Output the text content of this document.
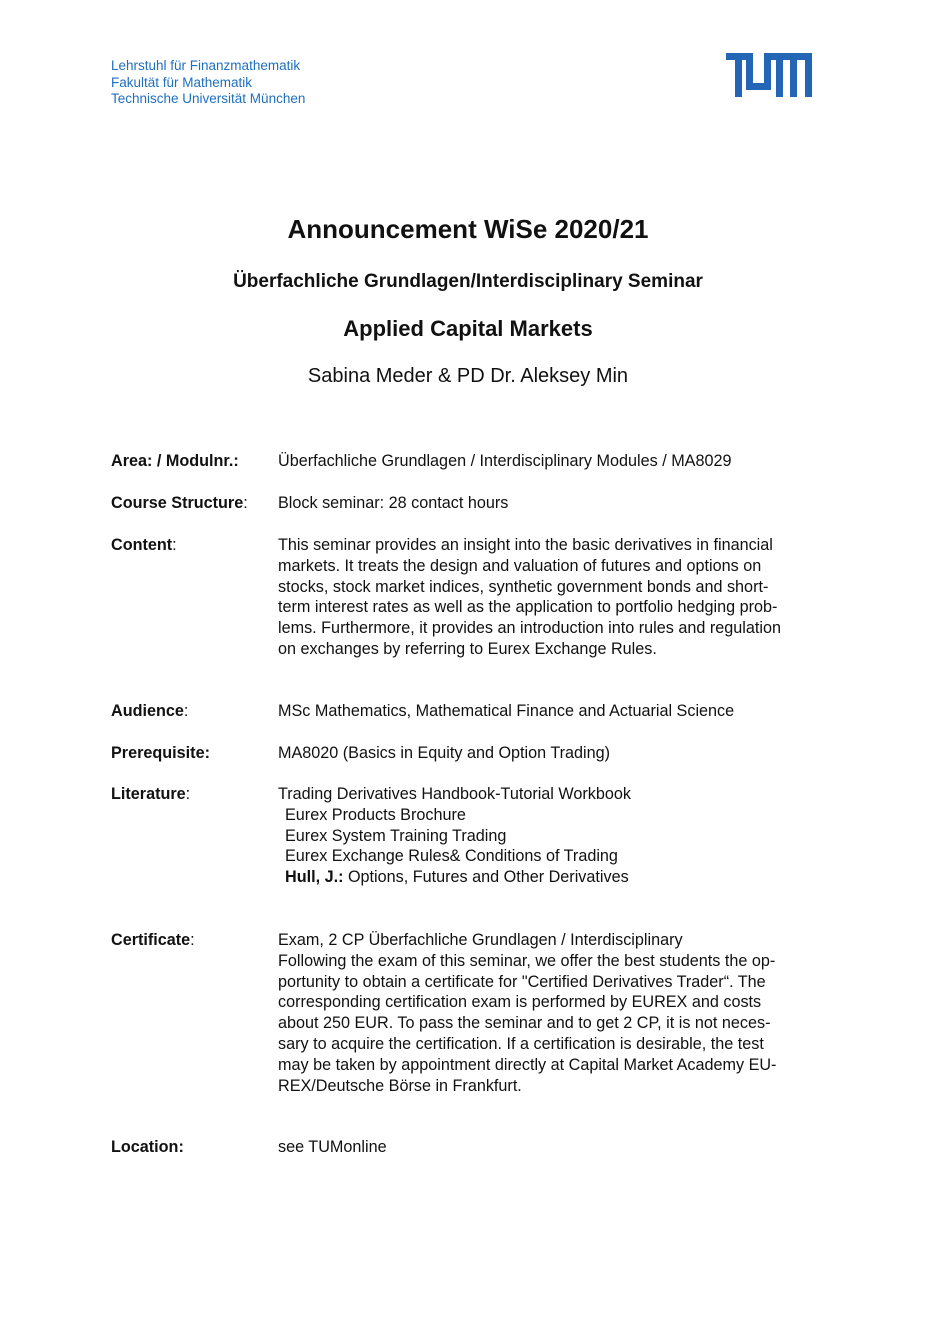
Lehrstuhl für Finanzmathematik
Fakultät für Mathematik
Technische Universität München
Announcement WiSe 2020/21
Überfachliche Grundlagen/Interdisciplinary Seminar
Applied Capital Markets
Sabina Meder & PD Dr. Aleksey Min
Area: / Modulnr.: Überfachliche Grundlagen / Interdisciplinary Modules / MA8029
Course Structure: Block seminar: 28 contact hours
Content:	This seminar provides an insight into the basic derivatives in financial
markets. It treats the design and valuation of futures and options on
stocks, stock market indices, synthetic government bonds and short-
term interest rates as well as the application to portfolio hedging prob-
lems. Furthermore, it provides an introduction into rules and regulation
on exchanges by referring to Eurex Exchange Rules.
Audience:	MSc Mathematics, Mathematical Finance and Actuarial Science
Prerequisite:	MA8020 (Basics in Equity and Option Trading)
Literature:	Trading Derivatives Handbook-Tutorial Workbook
Eurex Products Brochure
Eurex System Training Trading
Eurex Exchange Rules& Conditions of Trading
Hull, J.: Options, Futures and Other Derivatives
Certificate:	Exam, 2 CP Überfachliche Grundlagen / Interdisciplinary
Following the exam of this seminar, we offer the best students the op-
portunity to obtain a certificate for "Certified Derivatives Trader“. The
corresponding certification exam is performed by EUREX and costs
about 250 EUR. To pass the seminar and to get 2 CP, it is not neces-
sary to acquire the certification. If a certification is desirable, the test
may be taken by appointment directly at Capital Market Academy EU-
REX/Deutsche Börse in Frankfurt.
Location:	see TUMonline
